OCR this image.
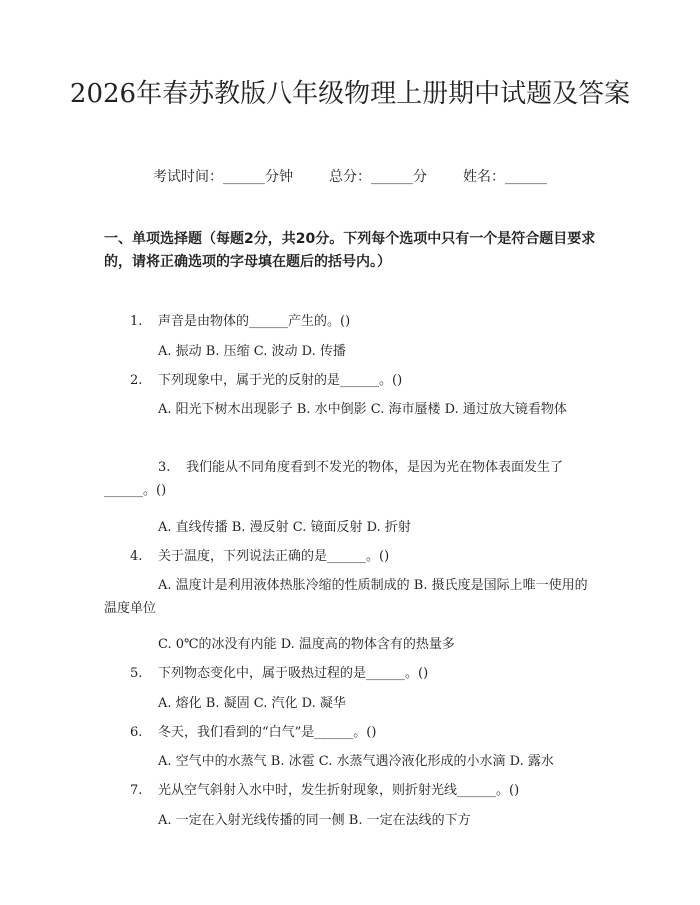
2026年春苏教版八年级物理上册期中试题及答案
考试时间：______分钟	总分：______分	姓名：______

一、单项选择题（每题2分，共20分。下列每个选项中只有一个是符合题目要求的，请将正确选项的字母填在题后的括号内。）

1. 声音是由物体的______产生的。()
A. 振动 B. 压缩 C. 波动 D. 传播
2. 下列现象中，属于光的反射的是______。()
A. 阳光下树木出现影子 B. 水中倒影 C. 海市蜃楼 D. 通过放大镜看物体
3. 我们能从不同角度看到不发光的物体，是因为光在物体表面发生了______。()
A. 直线传播 B. 漫反射 C. 镜面反射 D. 折射
4. 关于温度，下列说法正确的是______。()
A. 温度计是利用液体热胀冷缩的性质制成的 B. 摄氏度是国际上唯一使用的温度单位
C. 0℃的冰没有内能 D. 温度高的物体含有的热量多
5. 下列物态变化中，属于吸热过程的是______。()
A. 熔化 B. 凝固 C. 汽化 D. 凝华
6. 冬天，我们看到的“白气”是______。()
A. 空气中的水蒸气 B. 冰雹 C. 水蒸气遇冷液化形成的小水滴 D. 露水
7. 光从空气斜射入水中时，发生折射现象，则折射光线______。()
A. 一定在入射光线传播的同一侧 B. 一定在法线的下方
